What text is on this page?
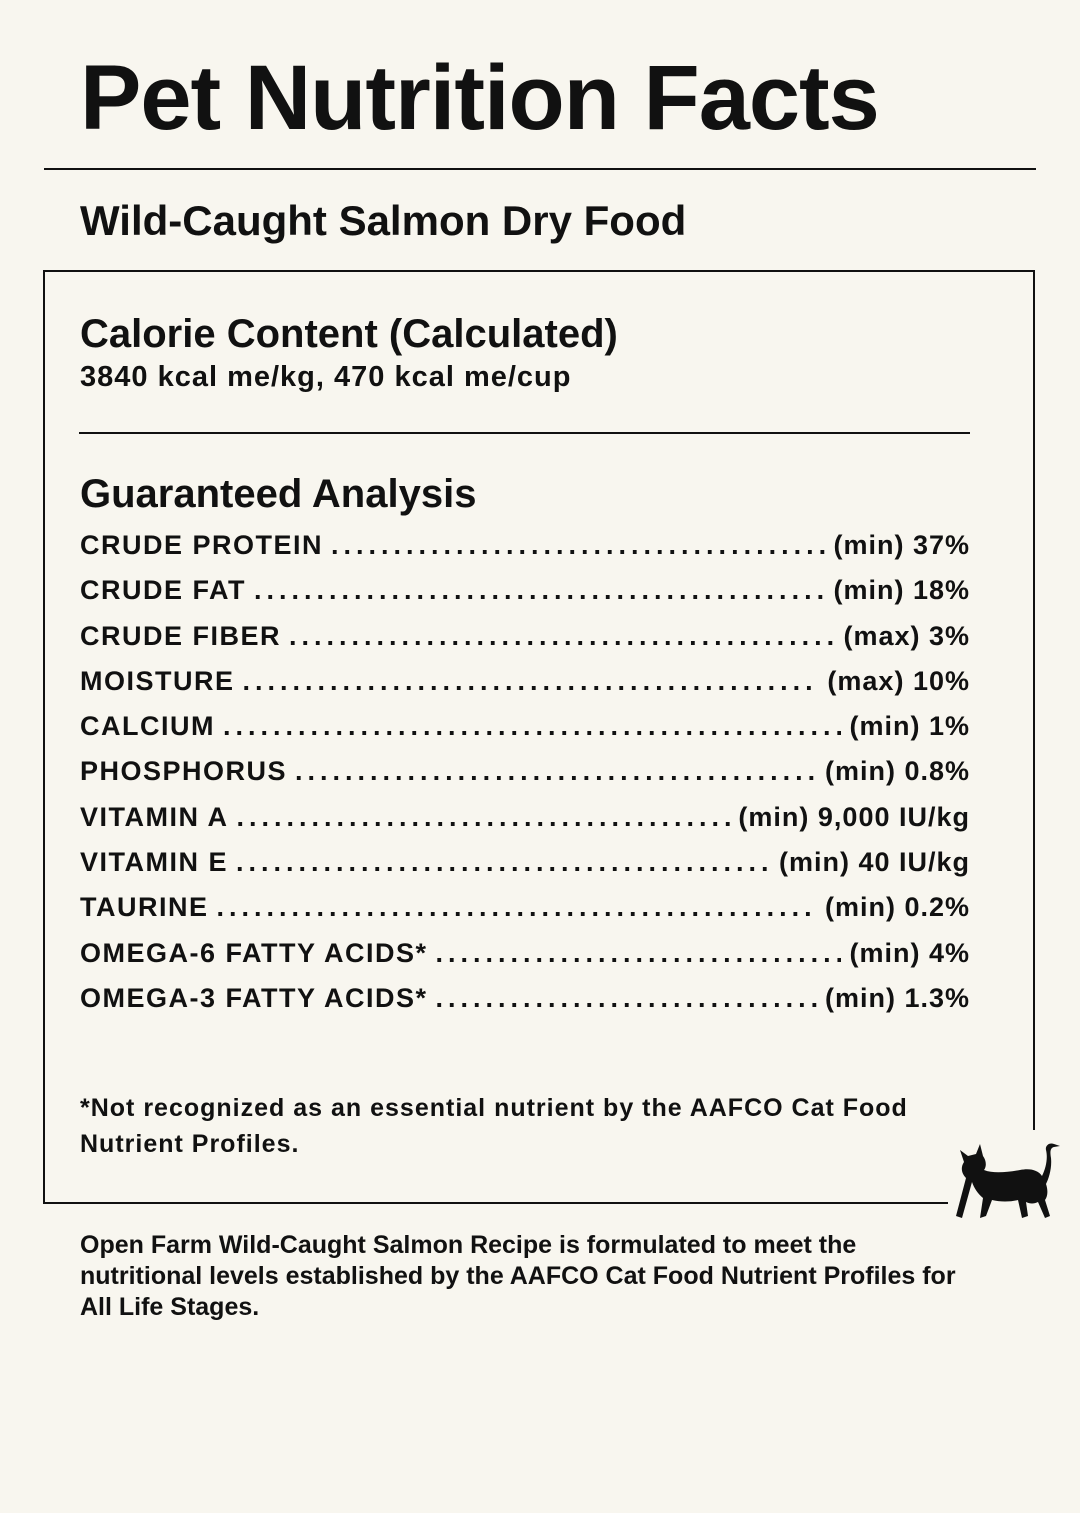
Pet Nutrition Facts
Wild-Caught Salmon Dry Food
Calorie Content (Calculated)
3840 kcal me/kg, 470 kcal me/cup
Guaranteed Analysis
CRUDE PROTEIN .....	(min) 37%
CRUDE FAT .....	(min) 18%
CRUDE FIBER .....	(max) 3%
MOISTURE .....	(max) 10%
CALCIUM .....	(min) 1%
PHOSPHORUS .....	(min) 0.8%
VITAMIN A .....	(min) 9,000 IU/kg
VITAMIN E .....	(min) 40 IU/kg
TAURINE .....	(min) 0.2%
OMEGA-6 FATTY ACIDS* .....	(min) 4%
OMEGA-3 FATTY ACIDS* .....	(min) 1.3%
*Not recognized as an essential nutrient by the AAFCO Cat Food Nutrient Profiles.
Open Farm Wild-Caught Salmon Recipe is formulated to meet the nutritional levels established by the AAFCO Cat Food Nutrient Profiles for All Life Stages.
